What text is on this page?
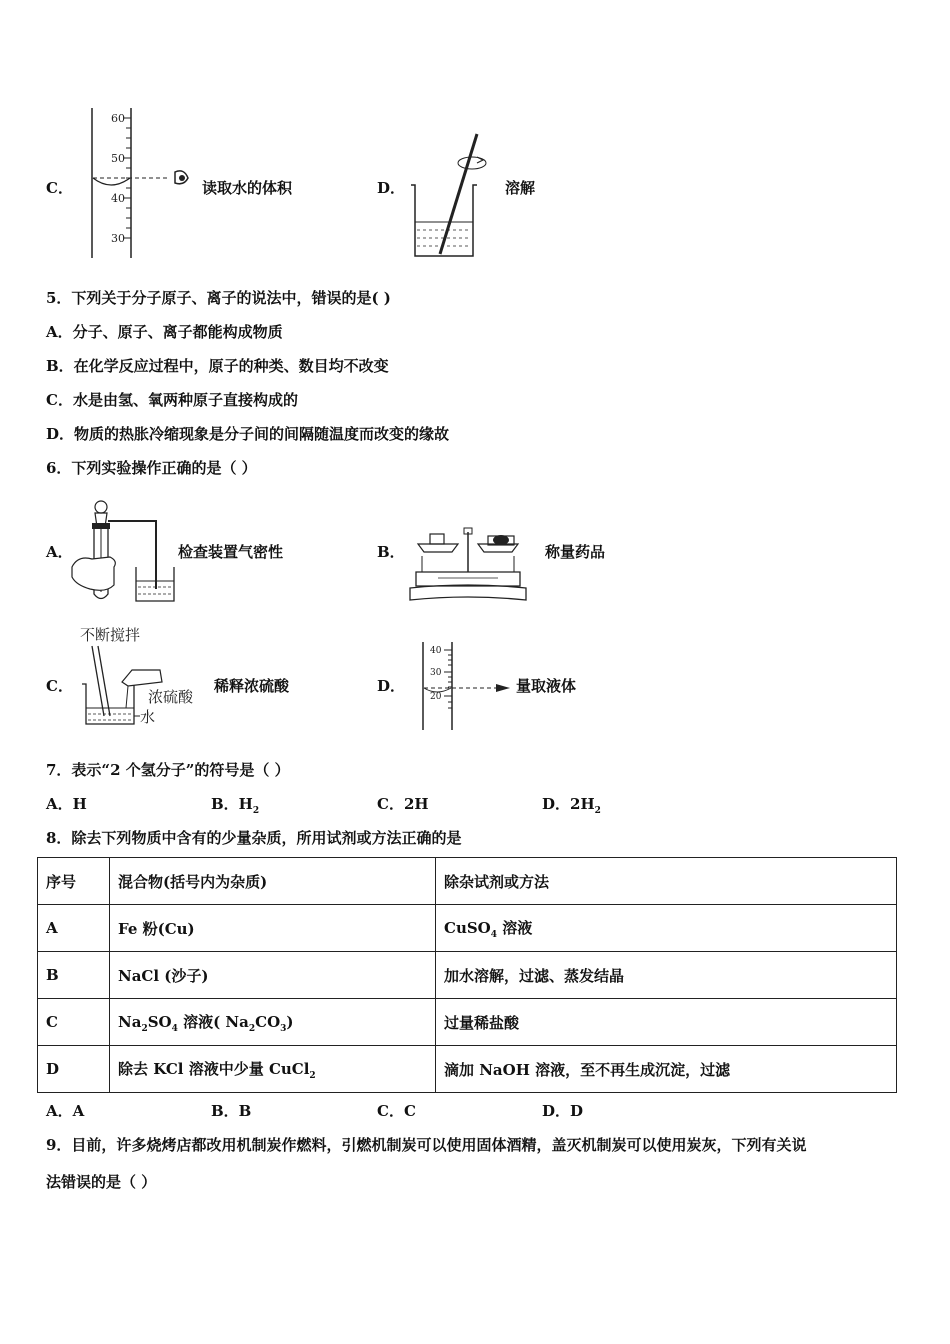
C．
60
50
40
30
读取水的体积	D．	溶解
5．下列关于分子原子、离子的说法中，错误的是( )
A．分子、原子、离子都能构成物质
B．在化学反应过程中，原子的种类、数目均不改变
C．水是由氢、氧两种原子直接构成的
D．物质的热胀冷缩现象是分子间的间隔随温度而改变的缘故
6．下列实验操作正确的是（ ）
A．	检查装置气密性	B．	称量药品
C．
不断搅拌
浓硫酸
水
稀释浓硫酸	D．
40
30
20
量取液体
7．表示“2 个氢分子”的符号是（ ）
A．H	B．$H_2$	C．2H	D．$2H_2$
8．除去下列物质中含有的少量杂质，所用试剂或方法正确的是
序号	混合物(括号内为杂质)	除杂试剂或方法
A	Fe 粉(Cu)	CuSO$_4$ 溶液
B	NaCl (沙子)	加水溶解，过滤、蒸发结晶
C	$Na_2SO_4$ 溶液( $Na_2CO_3$)	过量稀盐酸
D	除去 KCl 溶液中少量 CuCl$_2$	滴加 NaOH 溶液，至不再生成沉淀，过滤
A．A	B．B	C．C	D．D
9．目前，许多烧烤店都改用机制炭作燃料，引燃机制炭可以使用固体酒精，盖灭机制炭可以使用炭灰，下列有关说
法错误的是（ ）
